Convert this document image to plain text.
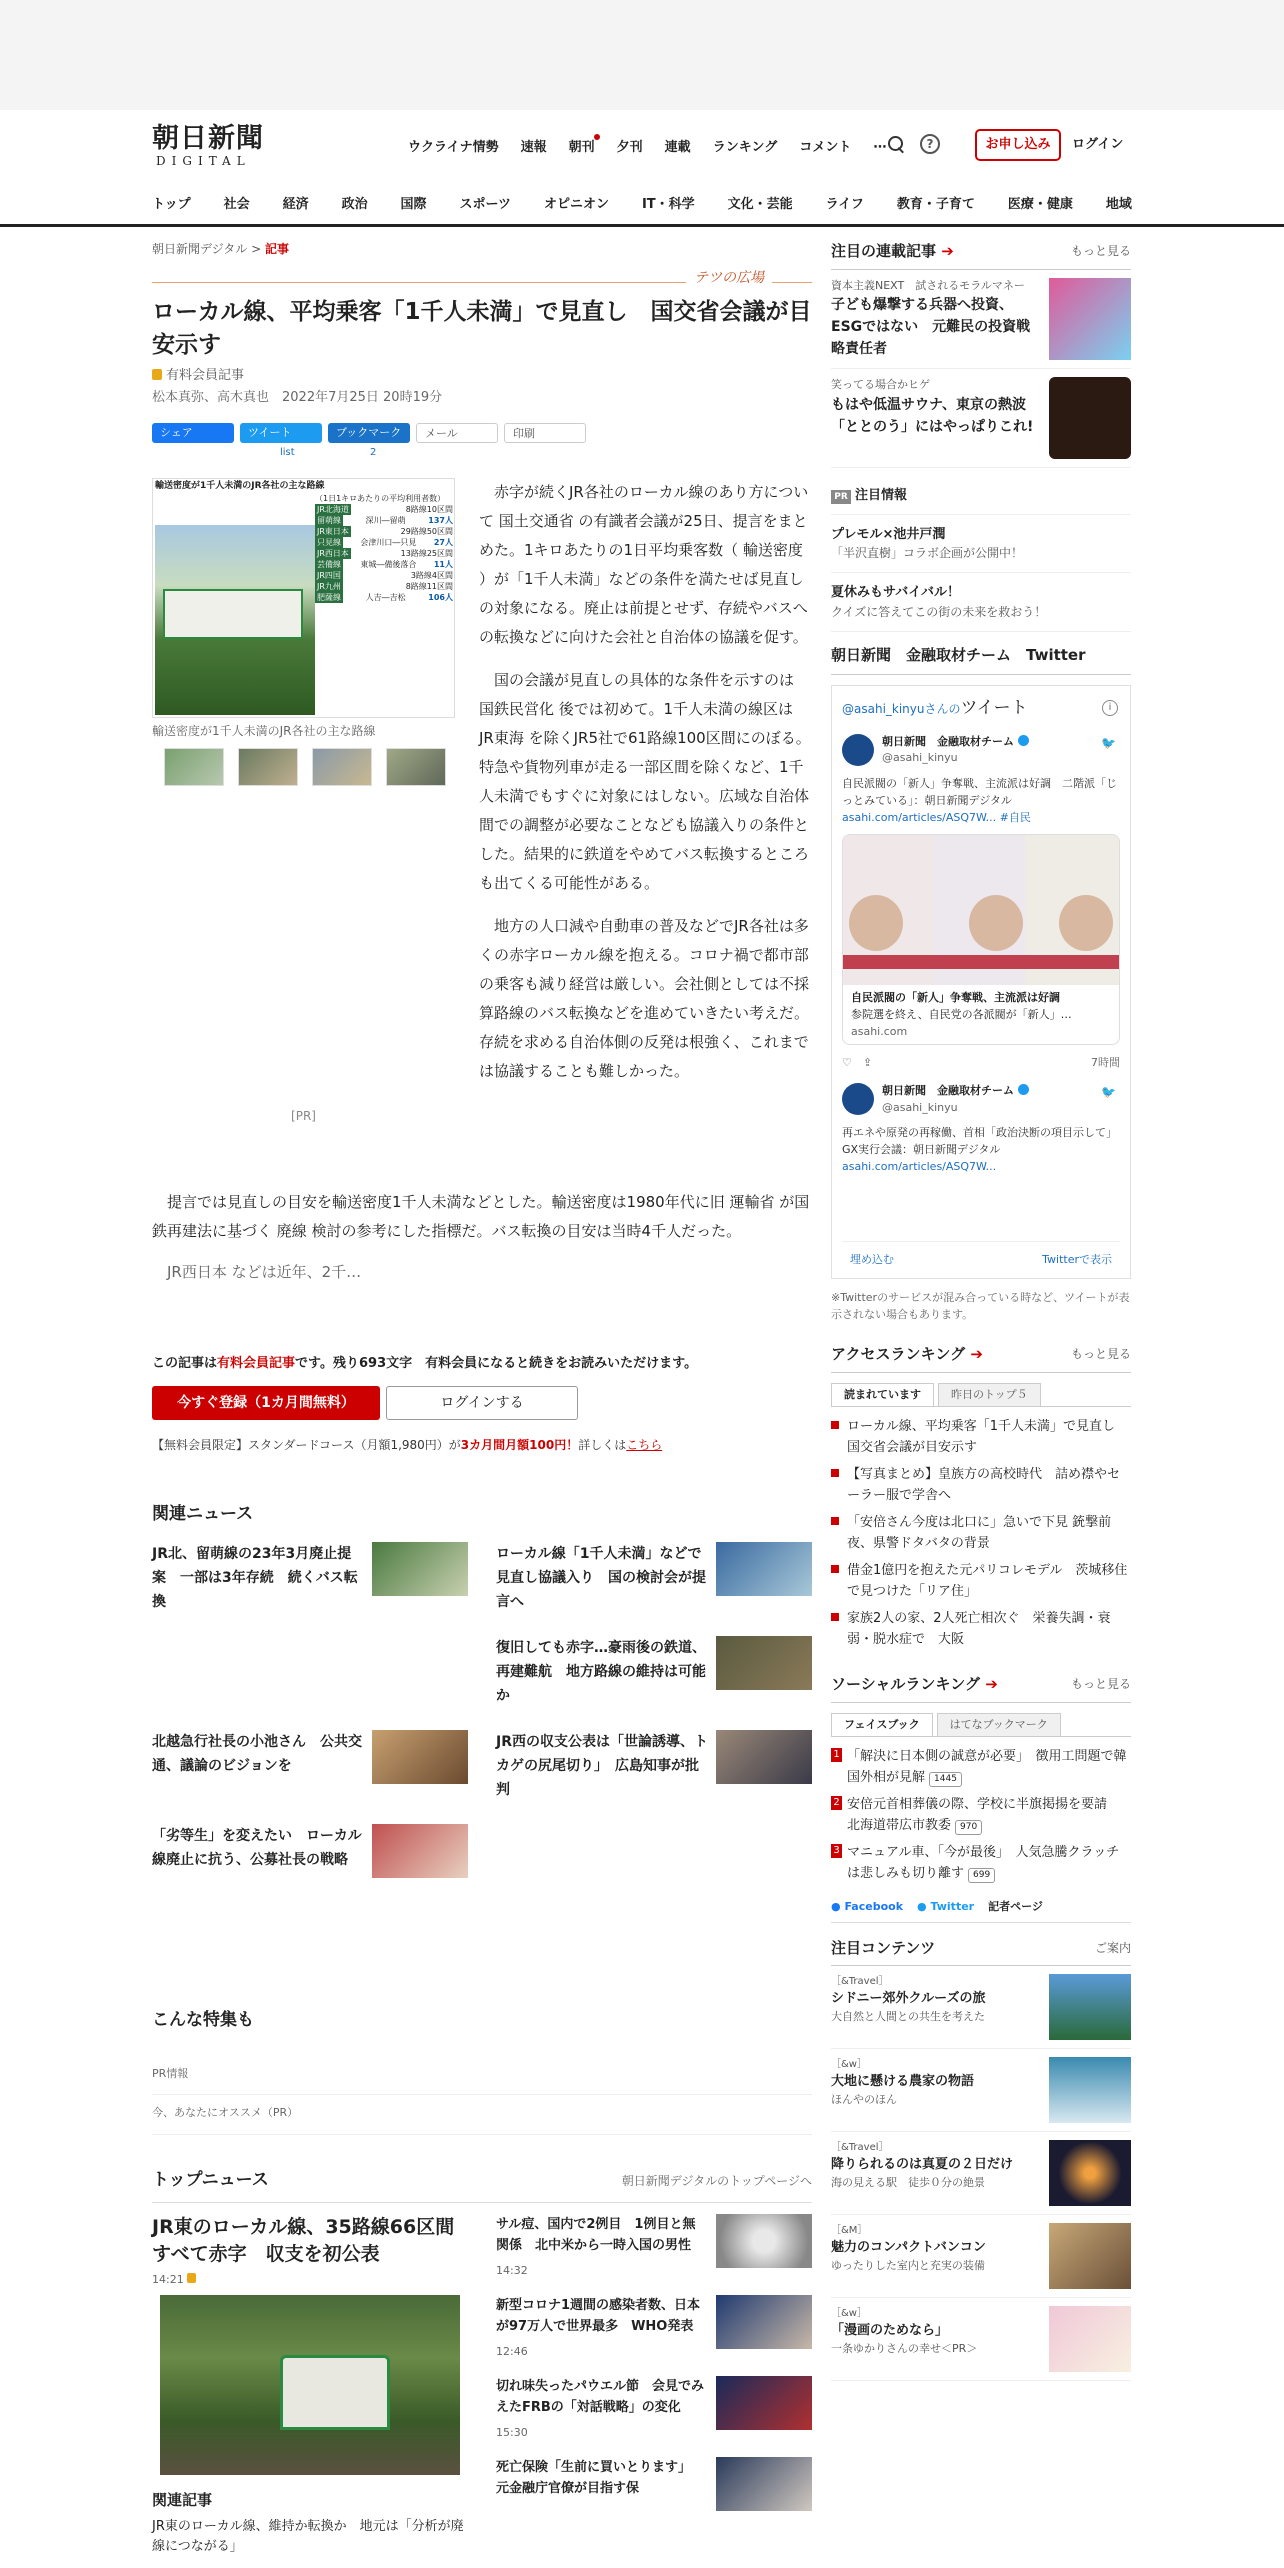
朝日新聞
DIGITAL
ウクライナ情勢 速報 朝刊 夕刊 連載 ランキング コメント ⋯	?	お申し込み	ログイン
トップ	社会	経済	政治	国際	スポーツ	オピニオン	IT・科学	文化・芸能	ライフ	教育・子育て	医療・健康	地域
朝日新聞デジタル > 記事
テツの広場
ローカル線、平均乗客「1千人未満」で見直し　国交省会議が目安示す
有料会員記事
松本真弥、高木真也　2022年7月25日 20時19分
シェア	ツイート	ブックマーク	メール	印刷
list	2
輸送密度が1千人未満のJR各社の主な路線
（1日1キロあたりの平均利用者数）
JR北海道	8路線10区間
留萌線	深川―留萌	137人
JR東日本	29路線50区間
只見線 会津川口―只見 27人
JR西日本	13路線25区間
芸備線 東城―備後落合 11人
JR四国	3路線4区間
JR九州	8路線11区間
肥薩線	人吉―吉松	106人
輸送密度が1千人未満のJR各社の主な路線
[PR]

赤字が続くJR各社のローカル線のあり方について 国土交通省 の有識者会議が25日、提言をまとめた。1キロあたりの1日平均乗客数（ 輸送密度 ）が「1千人未満」などの条件を満たせば見直しの対象になる。廃止は前提とせず、存続やバスへの転換などに向けた会社と自治体の協議を促す。

国の会議が見直しの具体的な条件を示すのは 国鉄民営化 後では初めて。1千人未満の線区は JR東海 を除くJR5社で61路線100区間にのぼる。特急や貨物列車が走る一部区間を除くなど、1千人未満でもすぐに対象にはしない。広域な自治体間での調整が必要なことなども協議入りの条件とした。結果的に鉄道をやめてバス転換するところも出てくる可能性がある。

地方の人口減や自動車の普及などでJR各社は多くの赤字ローカル線を抱える。コロナ禍で都市部の乗客も減り経営は厳しい。会社側としては不採算路線のバス転換などを進めていきたい考えだ。存続を求める自治体側の反発は根強く、これまでは協議することも難しかった。

提言では見直しの目安を輸送密度1千人未満などとした。輸送密度は1980年代に旧 運輸省 が国鉄再建法に基づく 廃線 検討の参考にした指標だ。バス転換の目安は当時4千人だった。

JR西日本 などは近年、2千…

この記事は有料会員記事です。残り693文字　有料会員になると続きをお読みいただけます。
今すぐ登録（1カ月間無料）	ログインする
【無料会員限定】スタンダードコース（月額1,980円）が3カ月間月額100円！詳しくはこちら
関連ニュース
JR北、留萌線の23年3月廃止提案　一部は3年存続　続くバス転換
ローカル線「1千人未満」などで見直し協議入り　国の検討会が提言へ
復旧しても赤字…豪雨後の鉄道、再建難航　地方路線の維持は可能か
北越急行社長の小池さん　公共交通、議論のビジョンを
JR西の収支公表は「世論誘導、トカゲの尻尾切り」　広島知事が批判
「劣等生」を変えたい　ローカル線廃止に抗う、公募社長の戦略
こんな特集も
PR情報
今、あなたにオススメ（PR）
トップニュース	朝日新聞デジタルのトップページへ
JR東のローカル線、35路線66区間すべて赤字　収支を初公表
14:21
関連記事
JR東のローカル線、維持か転換か　地元は「分析が廃線につながる」
サル痘、国内で2例目　1例目と無関係　北中米から一時入国の男性
14:32
新型コロナ1週間の感染者数、日本が97万人で世界最多　WHO発表
12:46
切れ味失ったパウエル節　会見でみえたFRBの「対話戦略」の変化
15:30
死亡保険「生前に買いとります」　元金融庁官僚が目指す保
注目の連載記事 ➔	もっと見る
資本主義NEXT　試されるモラルマネー
子ども爆撃する兵器へ投資、ESGではない　元難民の投資戦略責任者
笑ってる場合かヒゲ
もはや低温サウナ、東京の熱波　「ととのう」にはやっぱりこれ!
PR 注目情報
プレモル×池井戸潤
「半沢直樹」コラボ企画が公開中！
夏休みもサバイバル！
クイズに答えてこの街の未来を救おう！
朝日新聞　金融取材チーム　Twitter
@asahi_kinyuさんのツイート	i
朝日新聞　金融取材チーム
@asahi_kinyu
🐦
自民派閥の「新人」争奪戦、主流派は好調　二階派「じっとみている」：朝日新聞デジタル
asahi.com/articles/ASQ7W... #自民
自民派閥の「新人」争奪戦、主流派は好調
参院選を終え、自民党の各派閥が「新人」…
asahi.com
♡　⇪	7時間
朝日新聞　金融取材チーム
@asahi_kinyu
🐦
再エネや原発の再稼働、首相「政治決断の項目示して」　GX実行会議：朝日新聞デジタル
asahi.com/articles/ASQ7W...
埋め込む	Twitterで表示
※Twitterのサービスが混み合っている時など、ツイートが表示されない場合もあります。
アクセスランキング ➔	もっと見る
読まれています	昨日のトップ５
ローカル線、平均乗客「1千人未満」で見直し　国交省会議が目安示す
【写真まとめ】皇族方の高校時代　詰め襟やセーラー服で学舎へ
「安倍さん今度は北口に」急いで下見 銃撃前夜、県警ドタバタの背景
借金1億円を抱えた元パリコレモデル　茨城移住で見つけた「リア住」
家族2人の家、2人死亡相次ぐ　栄養失調・衰弱・脱水症で　大阪
ソーシャルランキング ➔	もっと見る
フェイスブック	はてなブックマーク
1 「解決に日本側の誠意が必要」　徴用工問題で韓国外相が見解 1445
2 安倍元首相葬儀の際、学校に半旗掲揚を要請　北海道帯広市教委 970
3 マニュアル車、「今が最後」　人気急騰クラッチは悲しみも切り離す 699
● Facebook ● Twitter 記者ページ
注目コンテンツ	ご案内
［&Travel］
シドニー郊外クルーズの旅
大自然と人間との共生を考えた
［&w］
大地に懸ける農家の物語
ほんやのほん
［&Travel］
降りられるのは真夏の２日だけ
海の見える駅　徒歩０分の絶景
［&M］
魅力のコンパクトバンコン
ゆったりした室内と充実の装備
［&w］
「漫画のためなら」
一条ゆかりさんの幸せ＜PR＞
